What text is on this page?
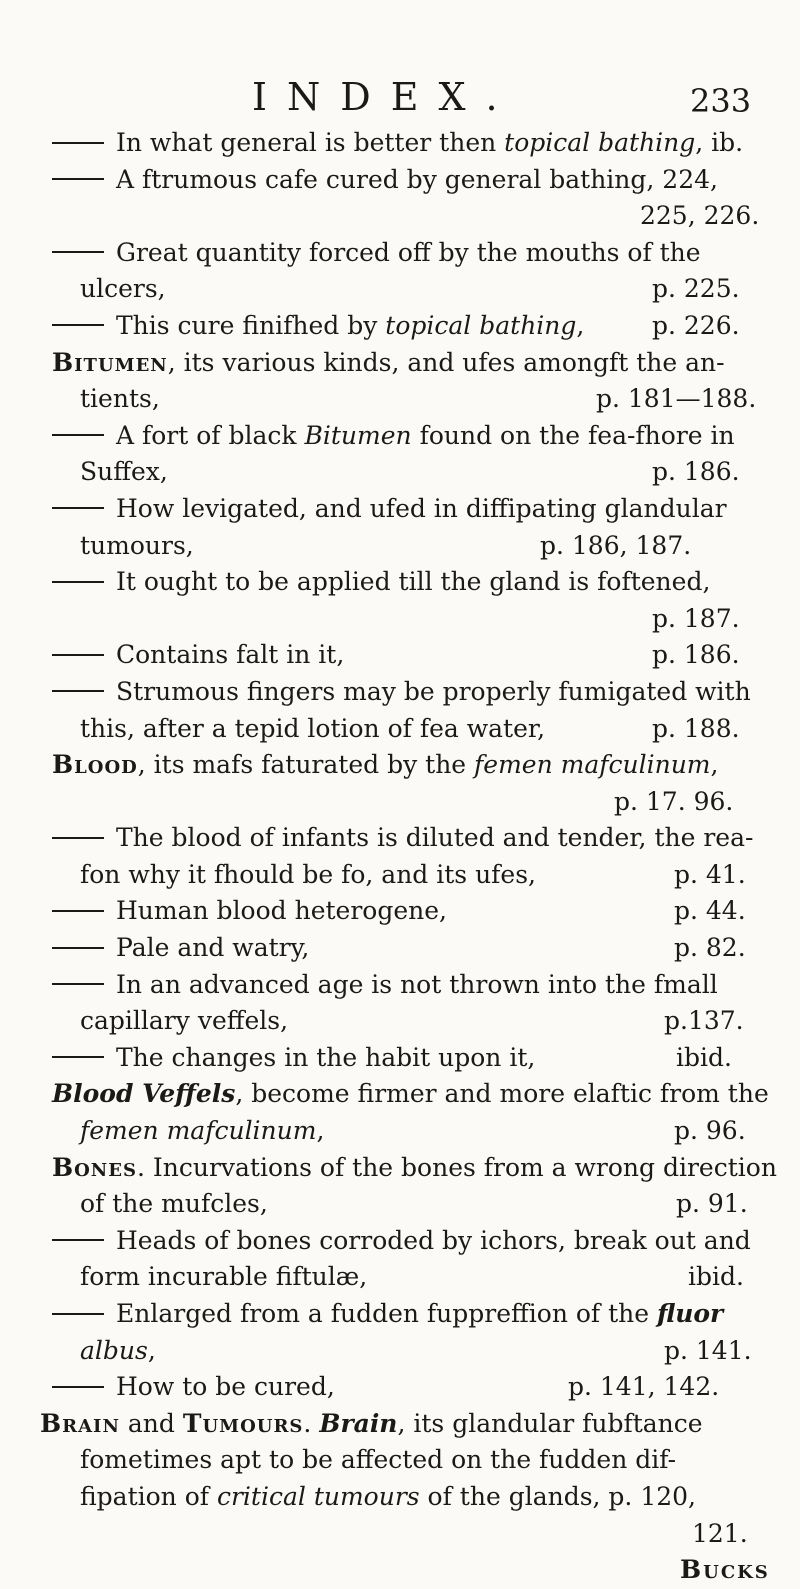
INDEX.	233
In what general is better then topical bathing, ib.
A ftrumous cafe cured by general bathing, 224,
225, 226.
Great quantity forced off by the mouths of the
ulcers,	p. 225.
This cure finifhed by topical bathing,	p. 226.
Bitumen, its various kinds, and ufes amongft the an-
tients,	p. 181—188.
A fort of black Bitumen found on the fea-fhore in
Suffex,	p. 186.
How levigated, and ufed in diffipating glandular
tumours,	p. 186, 187.
It ought to be applied till the gland is foftened,
p. 187.
Contains falt in it,	p. 186.
Strumous fingers may be properly fumigated with
this, after a tepid lotion of fea water,	p. 188.
Blood, its mafs faturated by the femen mafculinum,
p. 17. 96.
The blood of infants is diluted and tender, the rea-
fon why it fhould be fo, and its ufes,	p. 41.
Human blood heterogene,	p. 44.
Pale and watry,	p. 82.
In an advanced age is not thrown into the fmall
capillary veffels,	p.137.
The changes in the habit upon it,	ibid.
Blood Veffels, become firmer and more elaftic from the
femen mafculinum,	p. 96.
Bones. Incurvations of the bones from a wrong direction
of the mufcles,	p. 91.
Heads of bones corroded by ichors, break out and
form incurable fiftulæ,	ibid.
Enlarged from a fudden fuppreffion of the fluor
albus,	p. 141.
How to be cured,	p. 141, 142.
Brain and Tumours. Brain, its glandular fubftance
fometimes apt to be affected on the fudden dif-
fipation of critical tumours of the glands, p. 120,
121.
Bucks
